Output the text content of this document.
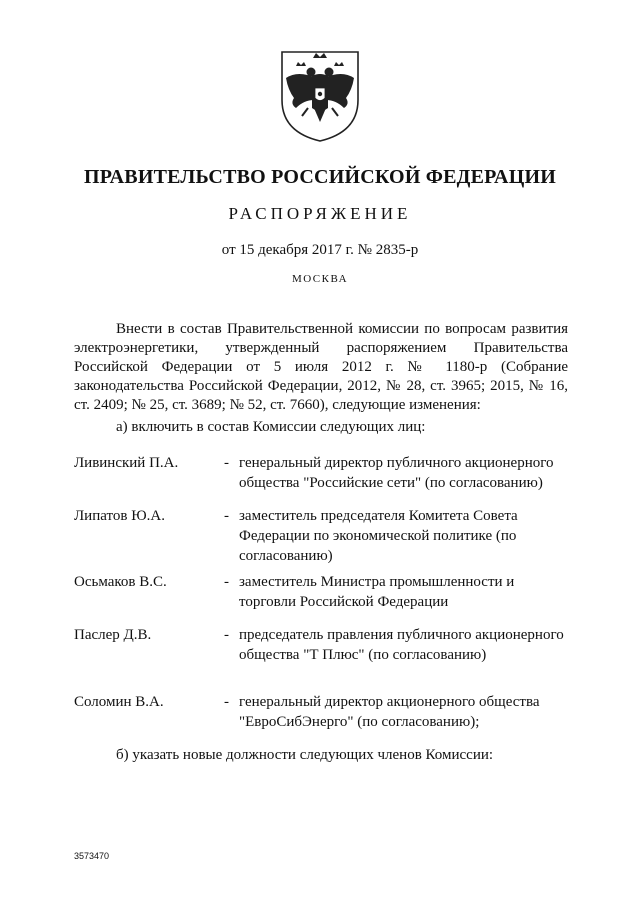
ПРАВИТЕЛЬСТВО РОССИЙСКОЙ ФЕДЕРАЦИИ
РАСПОРЯЖЕНИЕ
от 15 декабря 2017 г. № 2835-р
МОСКВА

Внести в состав Правительственной комиссии по вопросам развития электроэнергетики, утвержденный распоряжением Правительства Российской Федерации от 5 июля 2012 г. № 1180-р (Собрание законодательства Российской Федерации, 2012, № 28, ст. 3965; 2015, № 16, ст. 2409; № 25, ст. 3689; № 52, ст. 7660), следующие изменения:

а) включить в состав Комиссии следующих лиц:

Ливинский П.А.	- генеральный директор публичного акционерного общества "Российские сети" (по согласованию)
Липатов Ю.А.	- заместитель председателя Комитета Совета Федерации по экономической политике (по согласованию)
Осьмаков В.С.	- заместитель Министра промышленности и торговли Российской Федерации
Паслер Д.В.	- председатель правления публичного акционерного общества "Т Плюс" (по согласованию)
Соломин В.А.	- генеральный директор акционерного общества "ЕвроСибЭнерго" (по согласованию);

б) указать новые должности следующих членов Комиссии:

3573470
